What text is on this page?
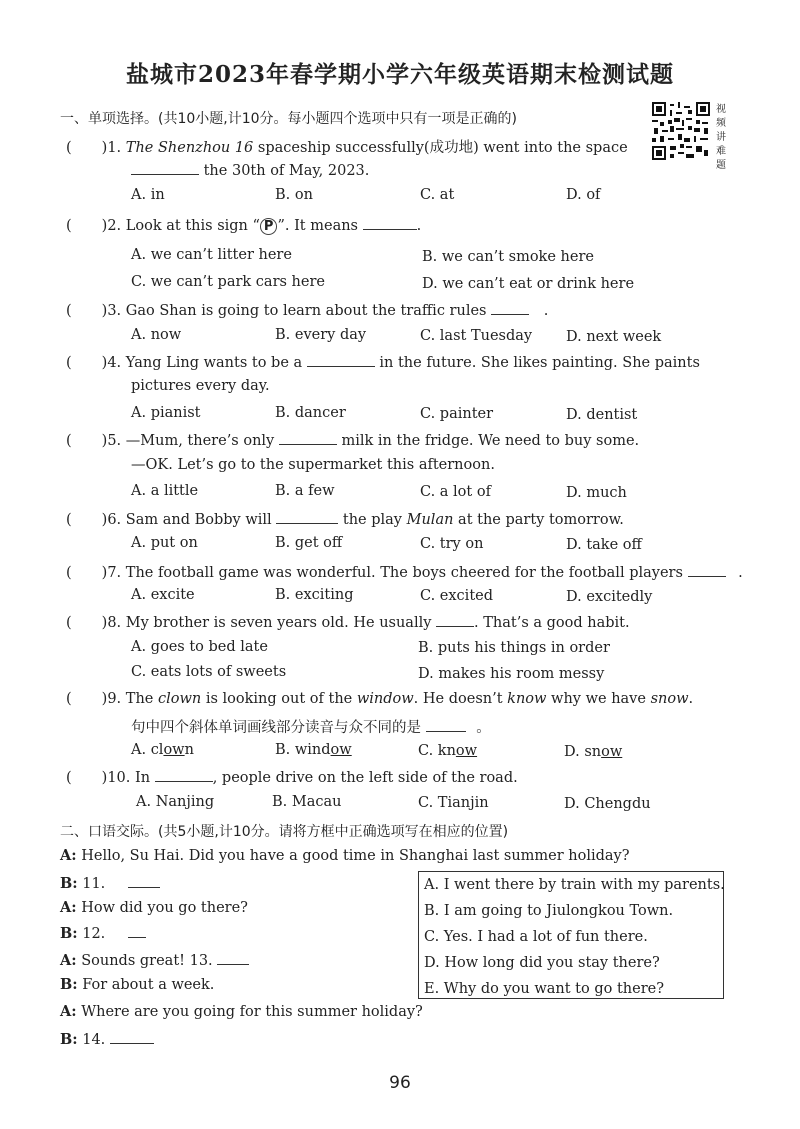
盐城市2023年春学期小学六年级英语期末检测试题
视频讲难题
一、单项选择。(共10小题,计10分。每小题四个选项中只有一项是正确的)
( )1. The Shenzhou 16 spaceship successfully(成功地) went into the space
the 30th of May, 2023.
A. in	B. on	C. at	D. of
( )2. Look at this sign “ P ”. It means	.
A. we can’t litter here	B. we can’t smoke here
C. we can’t park cars here	D. we can’t eat or drink here
( )3. Gao Shan is going to learn about the traffic rules	.
A. now	B. every day	C. last Tuesday D. next week
( )4. Yang Ling wants to be a	in the future. She likes painting. She paints
pictures every day.
A. pianist	B. dancer	C. painter	D. dentist
( )5. —Mum, there’s only	milk in the fridge. We need to buy some.
—OK. Let’s go to the supermarket this afternoon.
A. a little	B. a few	C. a lot of	D. much
( )6. Sam and Bobby will	the play Mulan at the party tomorrow.
A. put on	B. get off	C. try on	D. take off
( )7. The football game was wonderful. The boys cheered for the football players	.
A. excite	B. exciting	C. excited	D. excitedly
( )8. My brother is seven years old. He usually	. That’s a good habit.
A. goes to bed late	B. puts his things in order
C. eats lots of sweets	D. makes his room messy
( )9. The clown is looking out of the window. He doesn’t know why we have snow.
句中四个斜体单词画线部分读音与众不同的是	。
A. clown	B. window	C. know	D. snow
( )10. In	, people drive on the left side of the road.
A. Nanjing	B. Macau	C. Tianjin	D. Chengdu
二、口语交际。(共5小题,计10分。请将方框中正确选项写在相应的位置)
A: Hello, Su Hai. Did you have a good time in Shanghai last summer holiday?
B: 11.
A: How did you go there?
B: 12.
A: Sounds great! 13.
B: For about a week.
A: Where are you going for this summer holiday?
B: 14.
A. I went there by train with my parents.
B. I am going to Jiulongkou Town.
C. Yes. I had a lot of fun there.
D. How long did you stay there?
E. Why do you want to go there?
96
